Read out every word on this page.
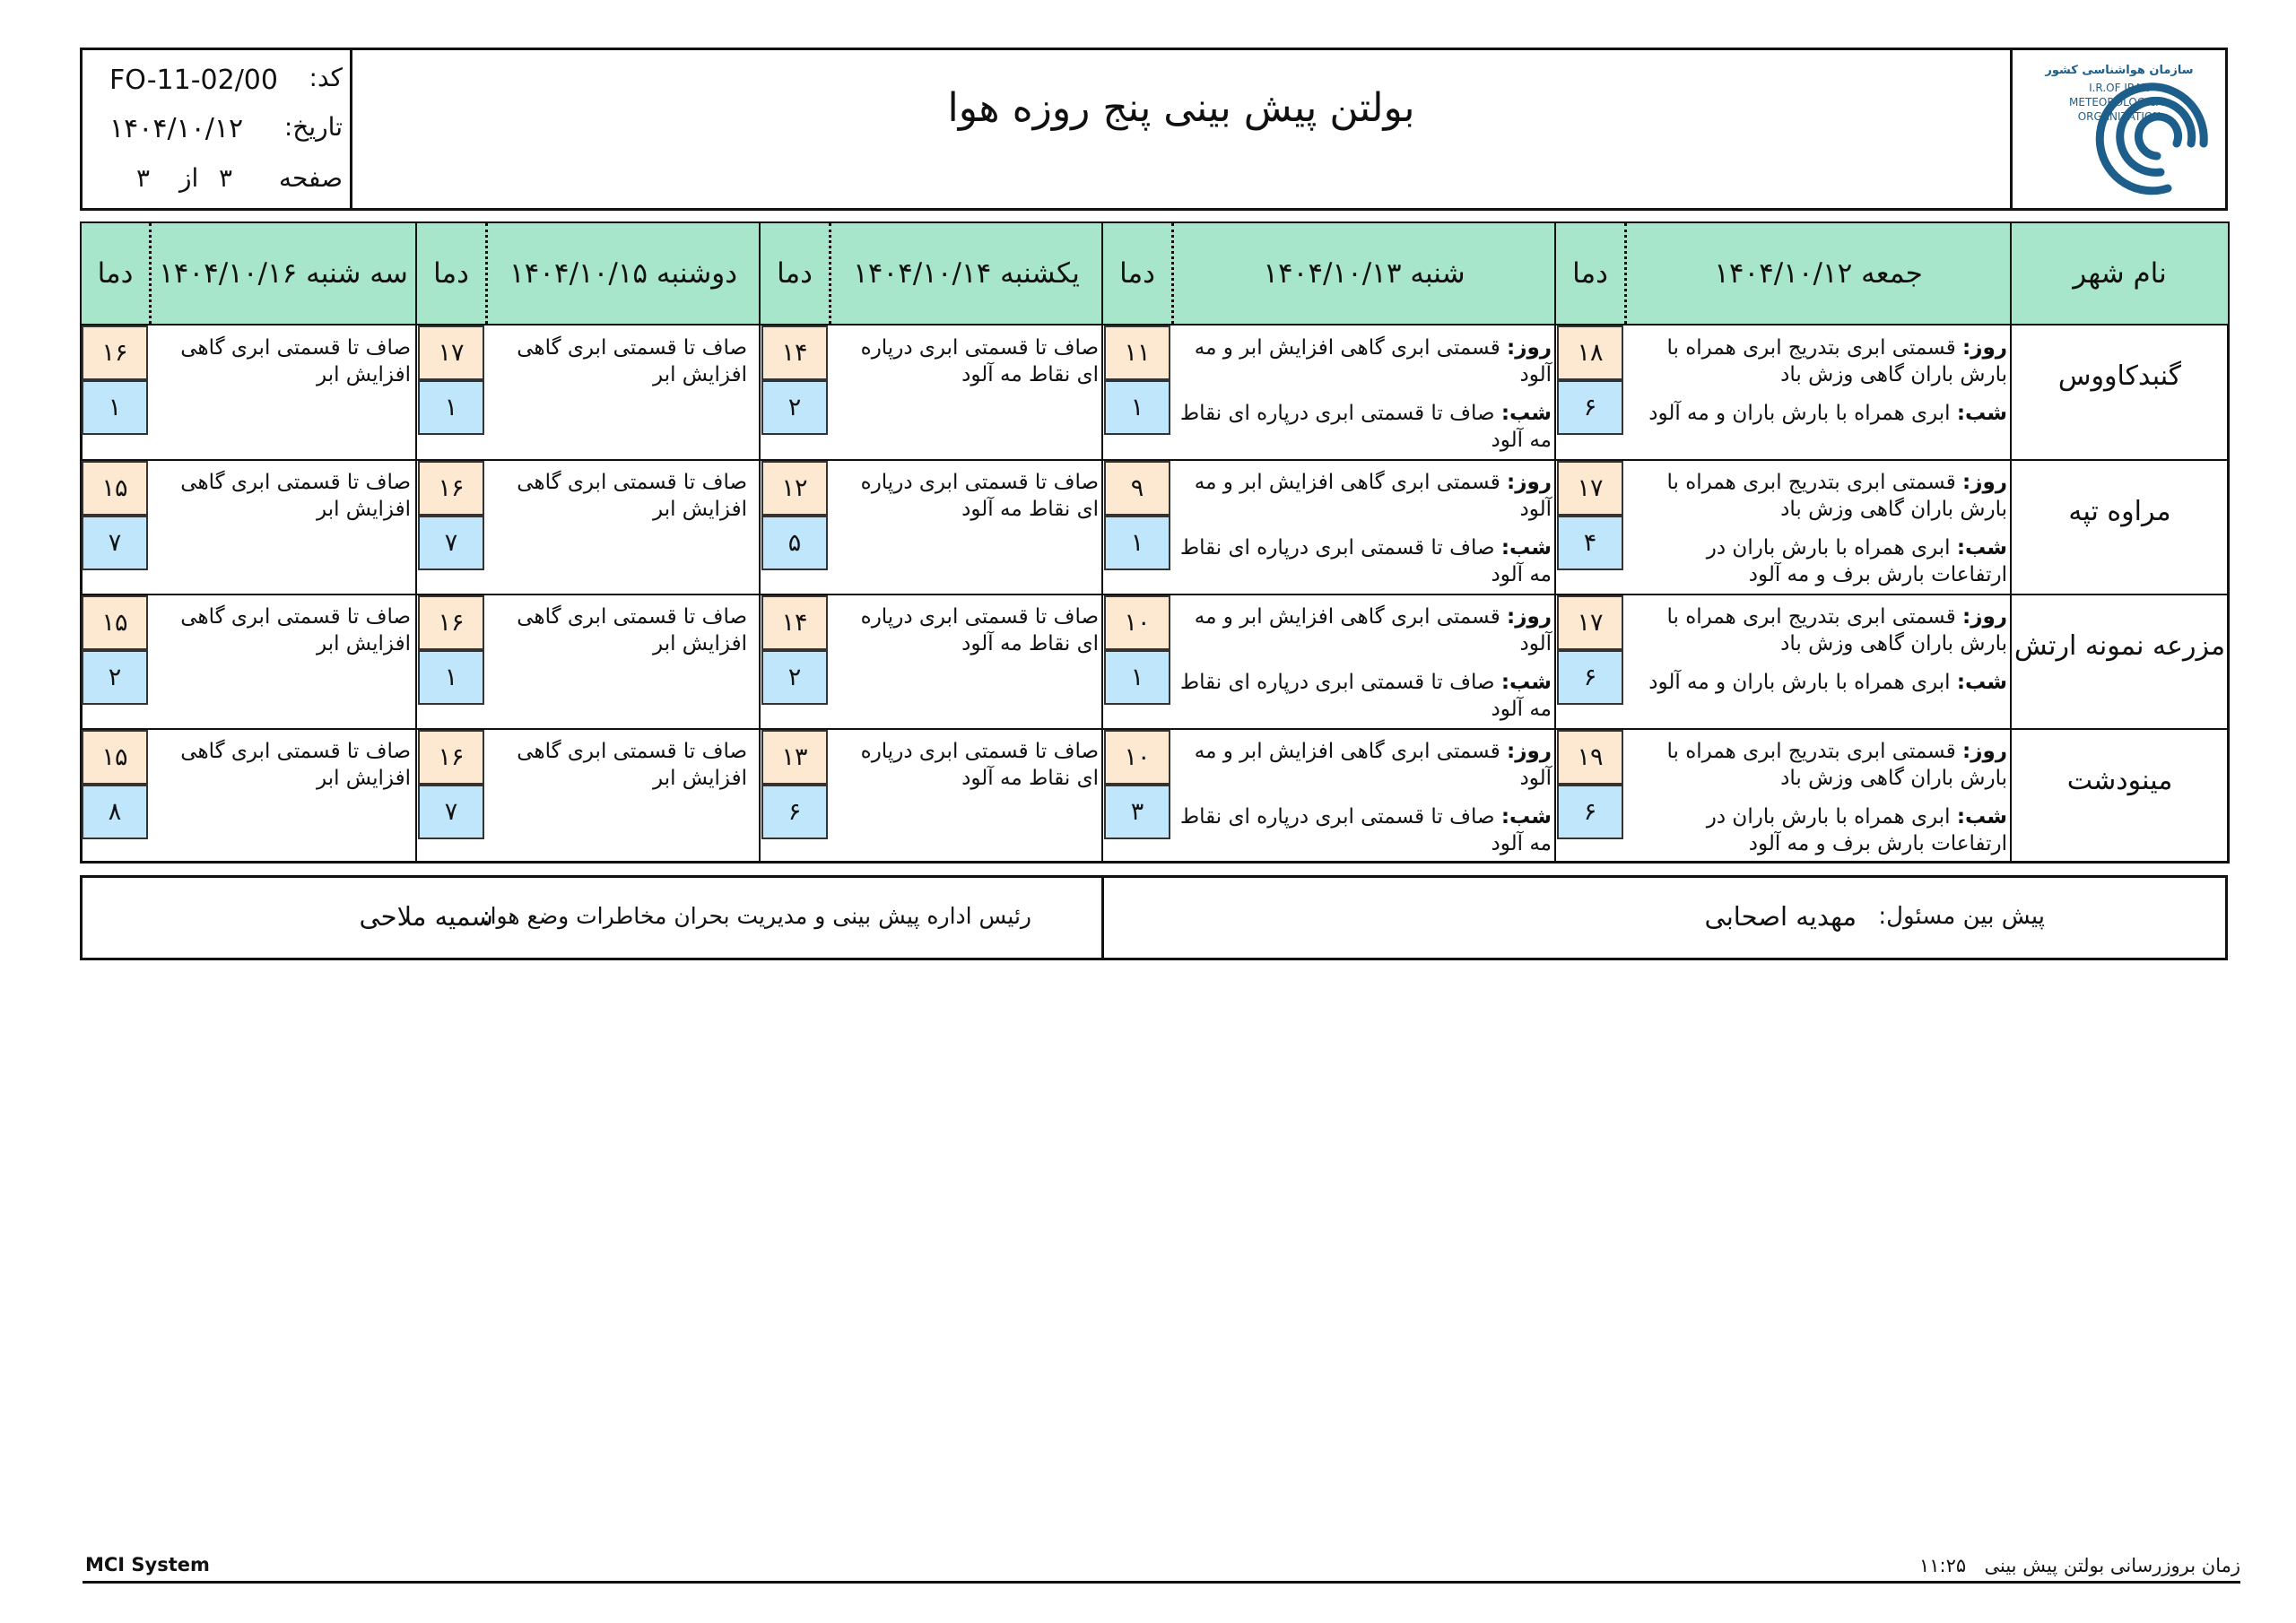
سازمان هواشناسی کشور
I.R.OF IRAN
METEOROLOGICAL
ORGANIZATION
بولتن پیش بینی پنج روزه هوا
کد:
FO-11-02/00
تاریخ:
۱۴۰۴/۱۰/۱۲
صفحه
۳
از
۳
نام شهر
جمعه ۱۴۰۴/۱۰/۱۲
دما
شنبه ۱۴۰۴/۱۰/۱۳
دما
یکشنبه ۱۴۰۴/۱۰/۱۴
دما
دوشنبه ۱۴۰۴/۱۰/۱۵
دما
سه شنبه ۱۴۰۴/۱۰/۱۶
دما
گنبدکاووس
روز: قسمتی ابری بتدریج ابری همراه با بارش باران گاهی وزش باد
شب: ابری همراه با بارش باران و مه آلود
۱۸
۶
روز: قسمتی ابری گاهی افزایش ابر و مه آلود
شب: صاف تا قسمتی ابری درپاره ای نقاط مه آلود
۱۱
۱
صاف تا قسمتی ابری درپاره ای نقاط مه آلود
۱۴
۲
صاف تا قسمتی ابری گاهی افزایش ابر
۱۷
۱
صاف تا قسمتی ابری گاهی افزایش ابر
۱۶
۱
مراوه تپه
روز: قسمتی ابری بتدریج ابری همراه با بارش باران گاهی وزش باد
شب: ابری همراه با بارش باران در ارتفاعات بارش برف و مه آلود
۱۷
۴
روز: قسمتی ابری گاهی افزایش ابر و مه آلود
شب: صاف تا قسمتی ابری درپاره ای نقاط مه آلود
۹
۱
صاف تا قسمتی ابری درپاره ای نقاط مه آلود
۱۲
۵
صاف تا قسمتی ابری گاهی افزایش ابر
۱۶
۷
صاف تا قسمتی ابری گاهی افزایش ابر
۱۵
۷
مزرعه نمونه ارتش
روز: قسمتی ابری بتدریج ابری همراه با بارش باران گاهی وزش باد
شب: ابری همراه با بارش باران و مه آلود
۱۷
۶
روز: قسمتی ابری گاهی افزایش ابر و مه آلود
شب: صاف تا قسمتی ابری درپاره ای نقاط مه آلود
۱۰
۱
صاف تا قسمتی ابری درپاره ای نقاط مه آلود
۱۴
۲
صاف تا قسمتی ابری گاهی افزایش ابر
۱۶
۱
صاف تا قسمتی ابری گاهی افزایش ابر
۱۵
۲
مینودشت
روز: قسمتی ابری بتدریج ابری همراه با بارش باران گاهی وزش باد
شب: ابری همراه با بارش باران در ارتفاعات بارش برف و مه آلود
۱۹
۶
روز: قسمتی ابری گاهی افزایش ابر و مه آلود
شب: صاف تا قسمتی ابری درپاره ای نقاط مه آلود
۱۰
۳
صاف تا قسمتی ابری درپاره ای نقاط مه آلود
۱۳
۶
صاف تا قسمتی ابری گاهی افزایش ابر
۱۶
۷
صاف تا قسمتی ابری گاهی افزایش ابر
۱۵
۸
پیش بین مسئول:
مهدیه اصحابی
رئیس اداره پیش بینی و مدیریت بحران مخاطرات وضع هوا:
سمیه ملاحی
MCI System	زمان بروزرسانی بولتن پیش بینی
۱۱:۲۵
